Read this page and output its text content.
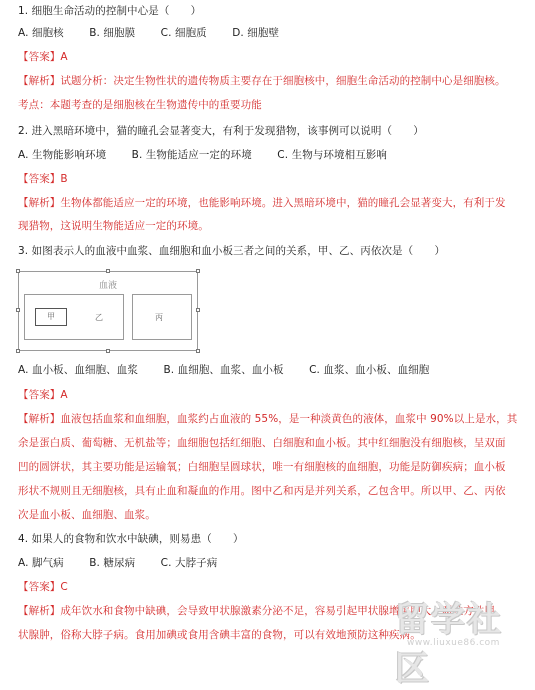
1. 细胞生命活动的控制中心是（　　）
A. 细胞核 B. 细胞膜 C. 细胞质 D. 细胞壁
【答案】A
【解析】试题分析：决定生物性状的遗传物质主要存在于细胞核中，细胞生命活动的控制中心是细胞核。
考点：本题考查的是细胞核在生物遗传中的重要功能
2. 进入黑暗环境中，猫的瞳孔会显著变大，有利于发现猎物，该事例可以说明（　　）
A. 生物能影响环境 B. 生物能适应一定的环境 C. 生物与环境相互影响
【答案】B
【解析】生物体都能适应一定的环境，也能影响环境。进入黑暗环境中，猫的瞳孔会显著变大，有利于发
现猎物，这说明生物能适应一定的环境。
3. 如图表示人的血液中血浆、血细胞和血小板三者之间的关系，甲、乙、丙依次是（　　）
血液
甲	乙	丙
A. 血小板、血细胞、血浆 B. 血细胞、血浆、血小板 C. 血浆、血小板、血细胞
【答案】A
【解析】血液包括血浆和血细胞，血浆约占血液的 55%，是一种淡黄色的液体，血浆中 90%以上是水，其
余是蛋白质、葡萄糖、无机盐等；血细胞包括红细胞、白细胞和血小板。其中红细胞没有细胞核，呈双面
凹的圆饼状，其主要功能是运输氧；白细胞呈圆球状，唯一有细胞核的血细胞，功能是防御疾病；血小板
形状不规则且无细胞核，具有止血和凝血的作用。图中乙和丙是并列关系，乙包含甲。所以甲、乙、丙依
次是血小板、血细胞、血浆。
4. 如果人的食物和饮水中缺碘，则易患（　　）
A. 脚气病 B. 糖尿病 C. 大脖子病
【答案】C
【解析】成年饮水和食物中缺碘，会导致甲状腺激素分泌不足，容易引起甲状腺增生肿大，叫地方性甲
状腺肿，俗称大脖子病。食用加碘或食用含碘丰富的食物，可以有效地预防这种疾病。
留学社区
www.liuxue86.com
